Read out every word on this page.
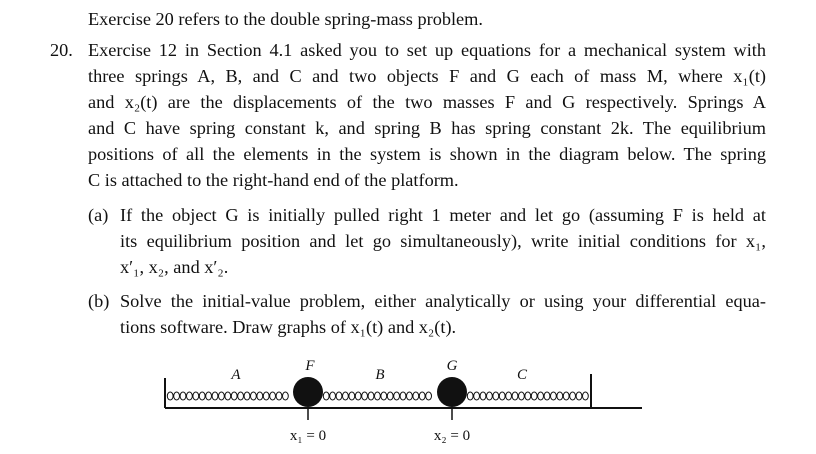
Exercise 20 refers to the double spring-mass problem.
20. Exercise 12 in Section 4.1 asked you to set up equations for a mechanical system with
three springs A, B, and C and two objects F and G each of mass M, where x₁(t)
and x₂(t) are the displacements of the two masses F and G respectively. Springs A
and C have spring constant k, and spring B has spring constant 2k. The equilibrium
positions of all the elements in the system is shown in the diagram below. The spring
C is attached to the right-hand end of the platform.
(a) If the object G is initially pulled right 1 meter and let go (assuming F is held at
its equilibrium position and let go simultaneously), write initial conditions for x₁,
x′₁, x₂, and x′₂.
(b) Solve the initial-value problem, either analytically or using your differential equa-
tions software. Draw graphs of x₁(t) and x₂(t).
A	B	C
F	G
x₁ = 0	x₂ = 0
